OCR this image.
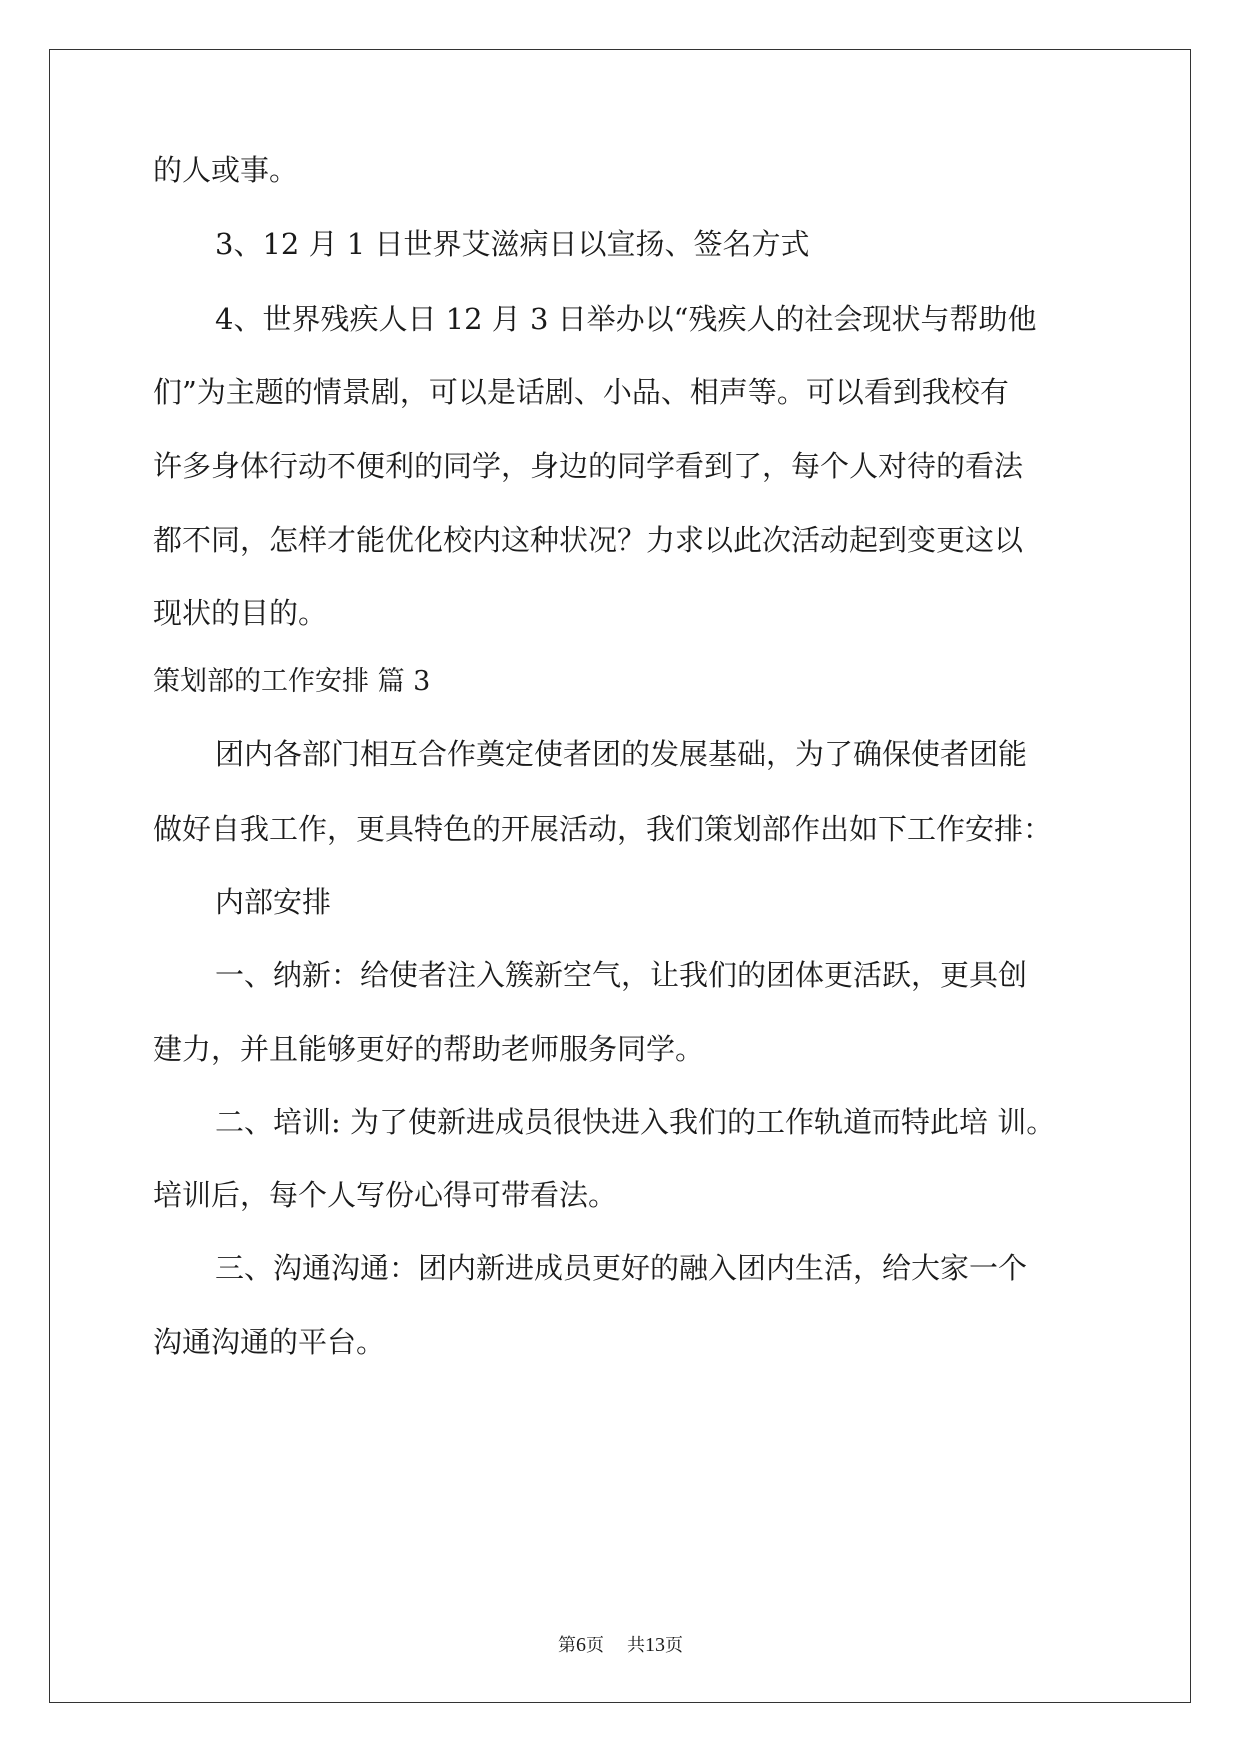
的人或事。

3、12 月 1 日世界艾滋病日以宣扬、签名方式

4、世界残疾人日 12 月 3 日举办以“残疾人的社会现状与帮助他

们”为主题的情景剧，可以是话剧、小品、相声等。可以看到我校有

许多身体行动不便利的同学，身边的同学看到了，每个人对待的看法

都不同，怎样才能优化校内这种状况？力求以此次活动起到变更这以

现状的目的。

策划部的工作安排 篇 3

团内各部门相互合作奠定使者团的发展基础，为了确保使者团能

做好自我工作，更具特色的开展活动，我们策划部作出如下工作安排：

内部安排

一、纳新：给使者注入簇新空气，让我们的团体更活跃，更具创

建力，并且能够更好的帮助老师服务同学。

二、培训: 为了使新进成员很快进入我们的工作轨道而特此培 训。

培训后，每个人写份心得可带看法。

三、沟通沟通：团内新进成员更好的融入团内生活，给大家一个

沟通沟通的平台。

第6页 共13页
